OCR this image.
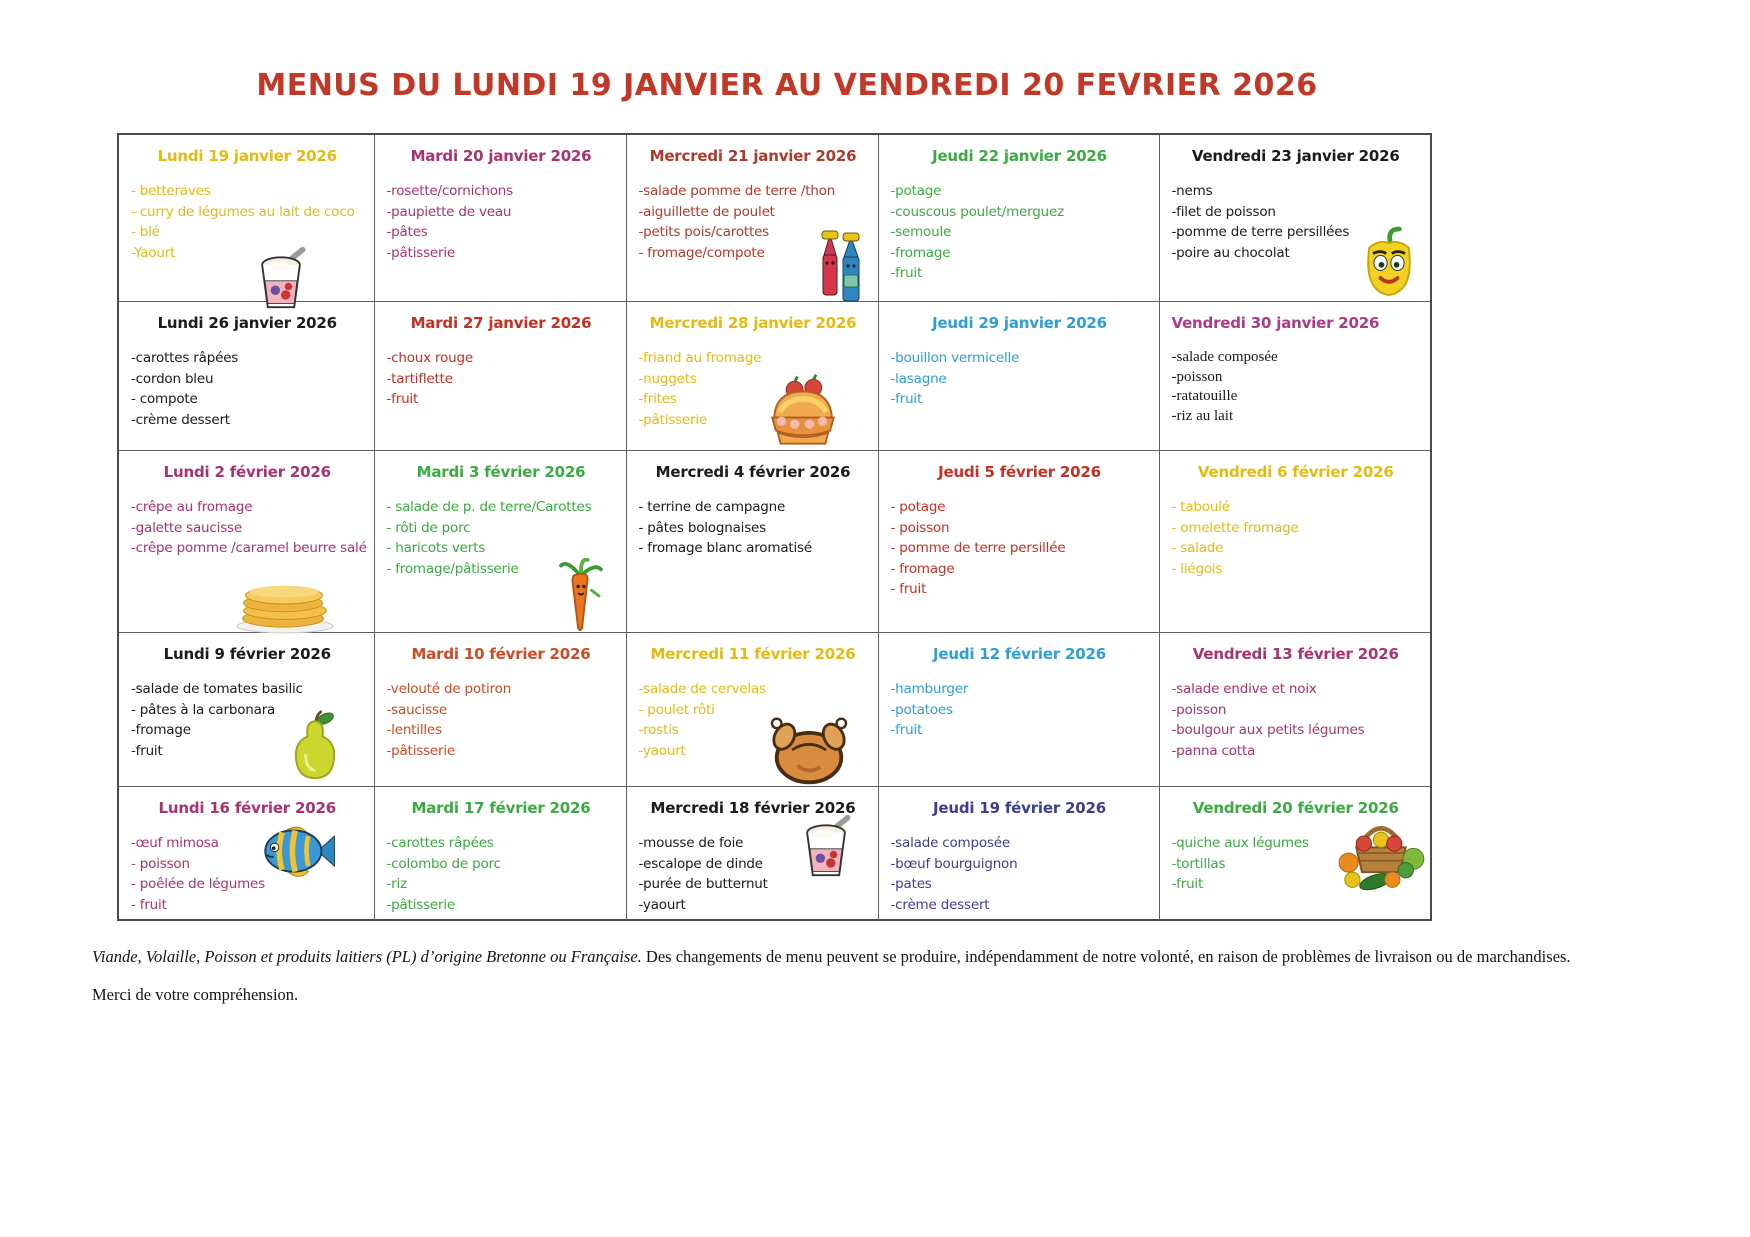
MENUS DU LUNDI 19 JANVIER AU VENDREDI 20 FEVRIER 2026
Lundi 19 janvier 2026
- betteraves
- curry de légumes au lait de coco
- blé
-Yaourt

Mardi 20 janvier 2026
-rosette/cornichons
-paupiette de veau
-pâtes
-pâtisserie

Mercredi 21 janvier 2026
-salade pomme de terre /thon
-aiguillette de poulet
-petits pois/carottes
- fromage/compote

Jeudi 22 janvier 2026
-potage
-couscous poulet/merguez
-semoule
-fromage
-fruit

Vendredi 23 janvier 2026
-nems
-filet de poisson
-pomme de terre persillées
-poire au chocolat

Lundi 26 janvier 2026
-carottes râpées
-cordon bleu
- compote
-crème dessert

Mardi 27 janvier 2026
-choux rouge
-tartiflette
-fruit

Mercredi 28 janvier 2026
-friand au fromage
-nuggets
-frites
-pâtisserie

Jeudi 29 janvier 2026
-bouillon vermicelle
-lasagne
-fruit

Vendredi 30 janvier 2026
-salade composée
-poisson
-ratatouille
-riz au lait

Lundi 2 février 2026
-crêpe au fromage
-galette saucisse
-crêpe pomme /caramel beurre salé

Mardi 3 février 2026
- salade de p. de terre/Carottes
- rôti de porc
- haricots verts
- fromage/pâtisserie

Mercredi 4 février 2026
- terrine de campagne
- pâtes bolognaises
- fromage blanc aromatisé

Jeudi 5 février 2026
- potage
- poisson
- pomme de terre persillée
- fromage
- fruit

Vendredi 6 février 2026
- taboulé
- omelette fromage
- salade
- liégois

Lundi 9 février 2026
-salade de tomates basilic
- pâtes à la carbonara
-fromage
-fruit

Mardi 10 février 2026
-velouté de potiron
-saucisse
-lentilles
-pâtisserie

Mercredi 11 février 2026
-salade de cervelas
- poulet rôti
-rostis
-yaourt

Jeudi 12 février 2026
-hamburger
-potatoes
-fruit

Vendredi 13 février 2026
-salade endive et noix
-poisson
-boulgour aux petits légumes
-panna cotta

Lundi 16 février 2026
-œuf mimosa
- poisson
- poêlée de légumes
- fruit

Mardi 17 février 2026
-carottes râpées
-colombo de porc
-riz
-pâtisserie

Mercredi 18 février 2026
-mousse de foie
-escalope de dinde
-purée de butternut
-yaourt

Jeudi 19 février 2026
-salade composée
-bœuf bourguignon
-pates
-crème dessert

Vendredi 20 février 2026
-quiche aux légumes
-tortillas
-fruit
Viande, Volaille, Poisson et produits laitiers (PL) d’origine Bretonne ou Française. Des changements de menu peuvent se produire, indépendamment de notre volonté, en raison de problèmes de livraison ou de marchandises.
Merci de votre compréhension.
